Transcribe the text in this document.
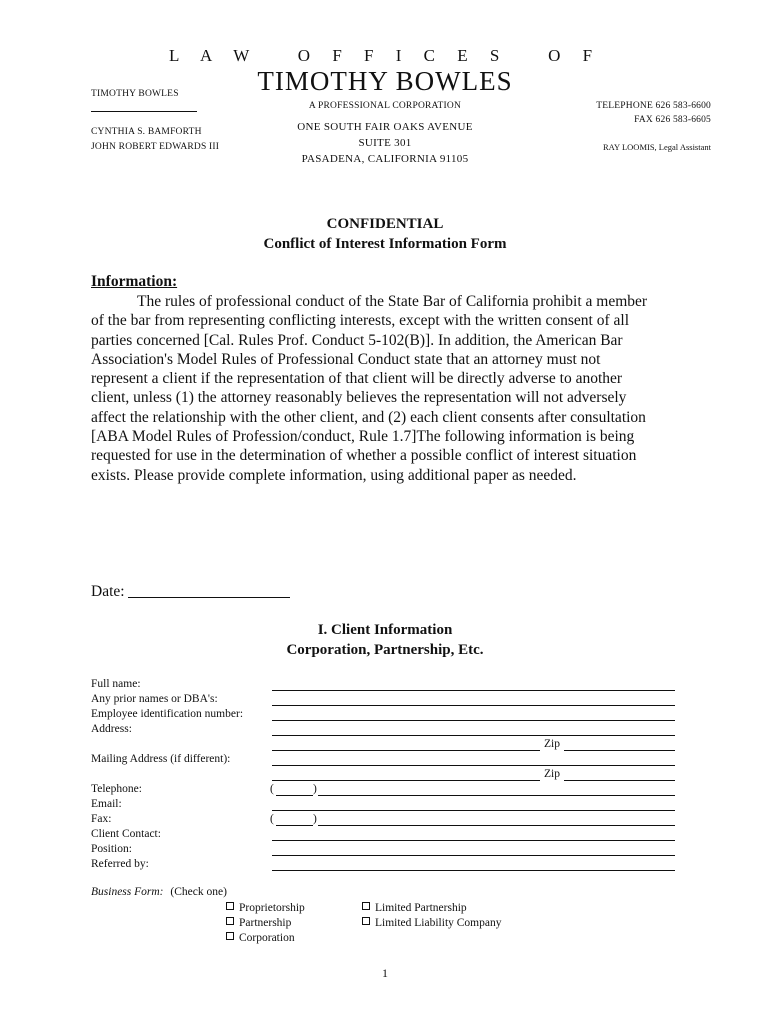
L A W   O F F I C E S   O F
TIMOTHY BOWLES
A PROFESSIONAL CORPORATION
ONE SOUTH FAIR OAKS AVENUE
SUITE 301
PASADENA, CALIFORNIA 91105
TIMOTHY BOWLES
CYNTHIA S. BAMFORTH
JOHN ROBERT EDWARDS III
TELEPHONE 626 583-6600
FAX 626 583-6605
RAY LOOMIS, Legal Assistant
CONFIDENTIAL
Conflict of Interest Information Form
Information:
The rules of professional conduct of the State Bar of California prohibit a member
of the bar from representing conflicting interests, except with the written consent of all
parties concerned [Cal. Rules Prof. Conduct 5-102(B)]. In addition, the American Bar
Association's Model Rules of Professional Conduct state that an attorney must not
represent a client if the representation of that client will be directly adverse to another
client, unless (1) the attorney reasonably believes the representation will not adversely
affect the relationship with the other client, and (2) each client consents after consultation
[ABA Model Rules of Profession/conduct, Rule 1.7]The following information is being
requested for use in the determination of whether a possible conflict of interest situation
exists. Please provide complete information, using additional paper as needed.
Date:
I. Client Information
Corporation, Partnership, Etc.
Full name:
Any prior names or DBA's:
Employee identification number:
Address:
Mailing Address (if different):
Telephone:
Email:
Fax:
Client Contact:
Position:
Referred by:
Zip
Zip
(	)
(	)
Business Form: (Check one)
Proprietorship
Partnership
Corporation
Limited Partnership
Limited Liability Company
1
